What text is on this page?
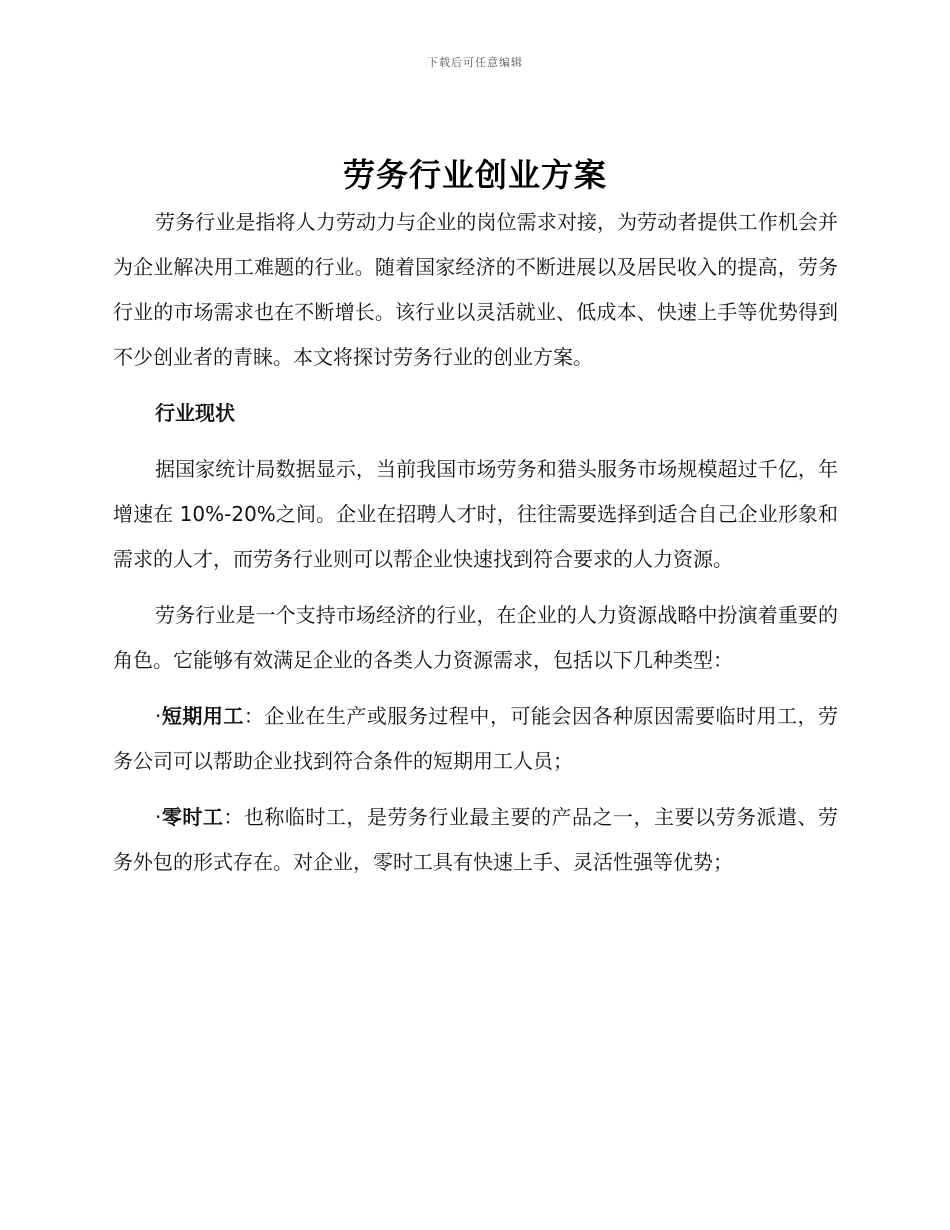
下载后可任意编辑
劳务行业创业方案

劳务行业是指将人力劳动力与企业的岗位需求对接，为劳动者提供工作机会并为企业解决用工难题的行业。随着国家经济的不断进展以及居民收入的提高，劳务行业的市场需求也在不断增长。该行业以灵活就业、低成本、快速上手等优势得到不少创业者的青睐。本文将探讨劳务行业的创业方案。

行业现状

据国家统计局数据显示，当前我国市场劳务和猎头服务市场规模超过千亿，年增速在 10%-20%之间。企业在招聘人才时，往往需要选择到适合自己企业形象和需求的人才，而劳务行业则可以帮企业快速找到符合要求的人力资源。

劳务行业是一个支持市场经济的行业，在企业的人力资源战略中扮演着重要的角色。它能够有效满足企业的各类人力资源需求，包括以下几种类型：

·短期用工：企业在生产或服务过程中，可能会因各种原因需要临时用工，劳务公司可以帮助企业找到符合条件的短期用工人员；

·零时工：也称临时工，是劳务行业最主要的产品之一，主要以劳务派遣、劳务外包的形式存在。对企业，零时工具有快速上手、灵活性强等优势；
